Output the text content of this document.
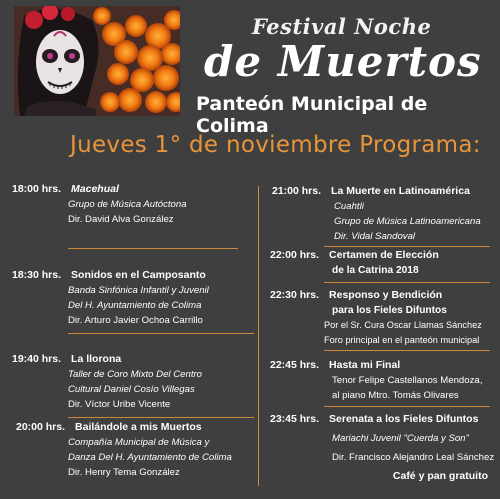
Festival Noche
de Muertos
Panteón Municipal de Colima
Jueves 1° de noviembre Programa:
18:00 hrs. Macehual
Grupo de Música Autóctona
Dir. David Alva González
18:30 hrs. Sonidos en el Camposanto
Banda Sinfónica Infantil y Juvenil
Del H. Ayuntamiento de Colima
Dir. Arturo Javier Ochoa Carrillo
19:40 hrs. La llorona
Taller de Coro Mixto Del Centro
Cultural Daniel Cosío Villegas
Dir. Víctor Uribe Vicente
20:00 hrs. Bailándole a mis Muertos
Compañía Municipal de Música y
Danza Del H. Ayuntamiento de Colima
Dir. Henry Tema González
21:00 hrs. La Muerte en Latinoamérica
Cuahtli
Grupo de Música Latinoamericana
Dir. Vidal Sandoval
22:00 hrs. Certamen de Elección
de la Catrina 2018
22:30 hrs. Responso y Bendición
para los Fieles Difuntos
Por el Sr. Cura Oscar Llamas Sánchez
Foro principal en el panteón municipal
22:45 hrs. Hasta mi Final
Tenor Felipe Castellanos Mendoza,
al piano Mtro. Tomás Olivares
23:45 hrs. Serenata a los Fieles Difuntos
Mariachi Juvenil "Cuerda y Son"
Dir. Francisco Alejandro Leal Sánchez
Café y pan gratuito
